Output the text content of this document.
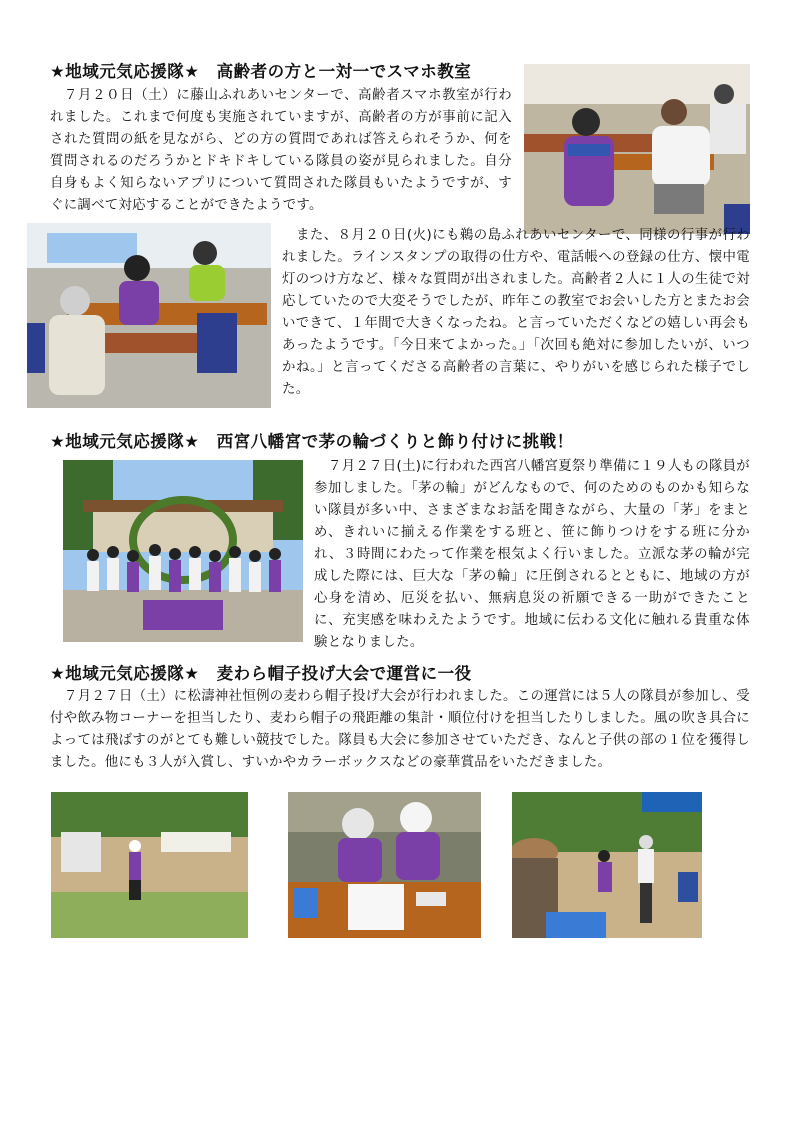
★地域元気応援隊★　高齢者の方と一対一でスマホ教室

７月２０日（土）に藤山ふれあいセンターで、高齢者スマホ教室が行われました。これまで何度も実施されていますが、高齢者の方が事前に記入された質問の紙を見ながら、どの方の質問であれば答えられそうか、何を質問されるのだろうかとドキドキしている隊員の姿が見られました。自分自身もよく知らないアプリについて質問された隊員もいたようですが、すぐに調べて対応することができたようです。

また、８月２０日(火)にも鵜の島ふれあいセンターで、同様の行事が行われました。ラインスタンプの取得の仕方や、電話帳への登録の仕方、懐中電灯のつけ方など、様々な質問が出されました。高齢者２人に１人の生徒で対応していたので大変そうでしたが、昨年この教室でお会いした方とまたお会いできて、１年間で大きくなったね。と言っていただくなどの嬉しい再会もあったようです。「今日来てよかった。」「次回も絶対に参加したいが、いつかね。」と言ってくださる高齢者の言葉に、やりがいを感じられた様子でした。

★地域元気応援隊★　西宮八幡宮で茅の輪づくりと飾り付けに挑戦！

７月２７日(土)に行われた西宮八幡宮夏祭り準備に１９人もの隊員が参加しました。「茅の輪」がどんなもので、何のためのものかも知らない隊員が多い中、さまざまなお話を聞きながら、大量の「茅」をまとめ、きれいに揃える作業をする班と、笹に飾りつけをする班に分かれ、３時間にわたって作業を根気よく行いました。立派な茅の輪が完成した際には、巨大な「茅の輪」に圧倒されるとともに、地域の方が心身を清め、厄災を払い、無病息災の祈願できる一助ができたことに、充実感を味わえたようです。地域に伝わる文化に触れる貴重な体験となりました。

★地域元気応援隊★　麦わら帽子投げ大会で運営に一役

７月２７日（土）に松濤神社恒例の麦わら帽子投げ大会が行われました。この運営には５人の隊員が参加し、受付や飲み物コーナーを担当したり、麦わら帽子の飛距離の集計・順位付けを担当したりしました。風の吹き具合によっては飛ばすのがとても難しい競技でした。隊員も大会に参加させていただき、なんと子供の部の１位を獲得しました。他にも３人が入賞し、すいかやカラーボックスなどの豪華賞品をいただきました。
